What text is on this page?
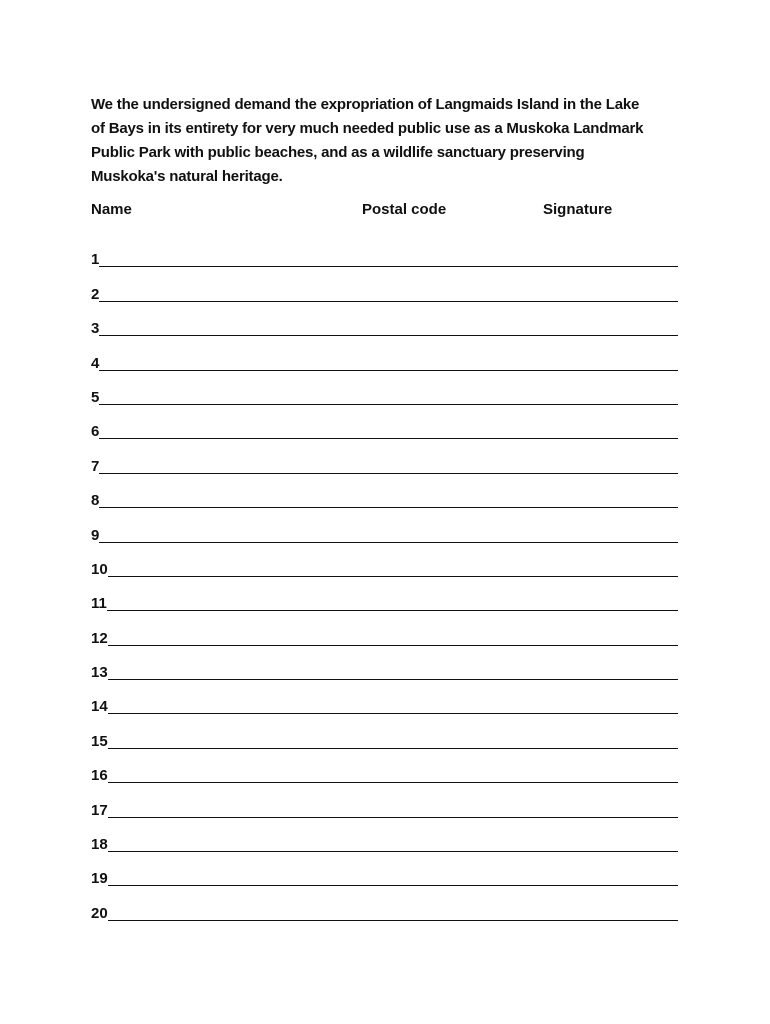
We the undersigned demand the expropriation of Langmaids Island in the Lake
of Bays in its entirety for very much needed public use as a Muskoka Landmark
Public Park with public beaches, and as a wildlife sanctuary preserving
Muskoka's natural heritage.

Name	Postal code	Signature
1
2
3
4
5
6
7
8
9
10
11
12
13
14
15
16
17
18
19
20
